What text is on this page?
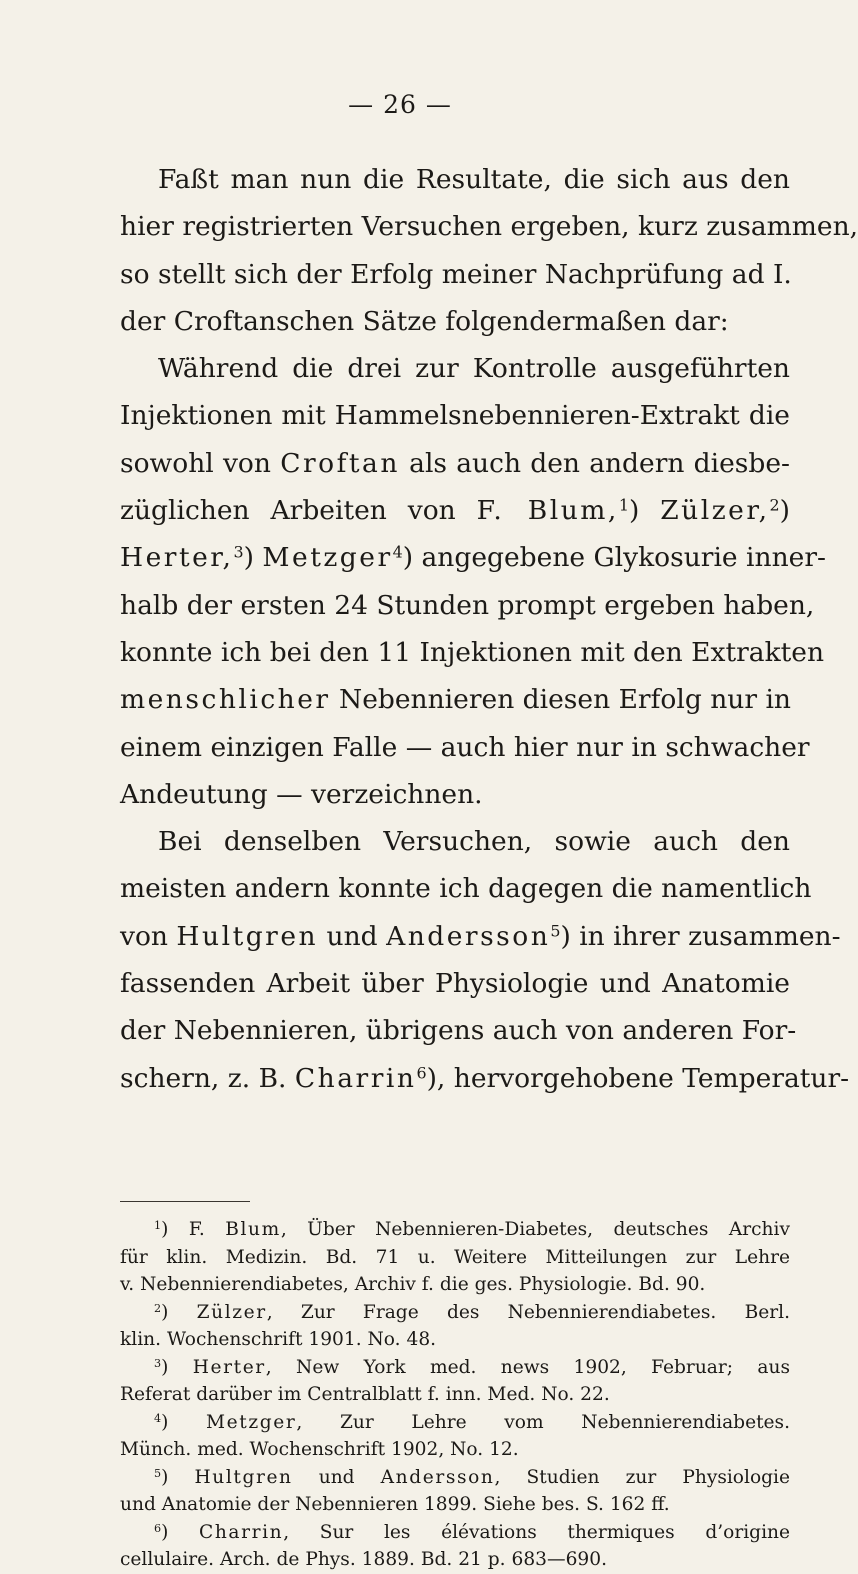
— 26 —
Faßt man nun die Resultate, die sich aus den
hier registrierten Versuchen ergeben, kurz zusammen,
so stellt sich der Erfolg meiner Nachprüfung ad I.
der Croftanschen Sätze folgendermaßen dar:
Während die drei zur Kontrolle ausgeführten
Injektionen mit Hammelsnebennieren-Extrakt die
sowohl von Croftan als auch den andern diesbe-
züglichen Arbeiten von F. Blum,$^1$) Zülzer,$^2$)
Herter,$^3$) Metzger$^4$) angegebene Glykosurie inner-
halb der ersten 24 Stunden prompt ergeben haben,
konnte ich bei den 11 Injektionen mit den Extrakten
menschlicher Nebennieren diesen Erfolg nur in
einem einzigen Falle — auch hier nur in schwacher
Andeutung — verzeichnen.
Bei denselben Versuchen, sowie auch den
meisten andern konnte ich dagegen die namentlich
von Hultgren und Andersson$^5$) in ihrer zusammen-
fassenden Arbeit über Physiologie und Anatomie
der Nebennieren, übrigens auch von anderen For-
schern, z. B. Charrin$^6$), hervorgehobene Temperatur-
$^1$) F. Blum, Über Nebennieren-Diabetes, deutsches Archiv
für klin. Medizin. Bd. 71 u. Weitere Mitteilungen zur Lehre
v. Nebennierendiabetes, Archiv f. die ges. Physiologie. Bd. 90.
$^2$) Zülzer, Zur Frage des Nebennierendiabetes. Berl.
klin. Wochenschrift 1901. No. 48.
$^3$) Herter, New York med. news 1902, Februar; aus
Referat darüber im Centralblatt f. inn. Med. No. 22.
$^4$) Metzger, Zur Lehre vom Nebennierendiabetes.
Münch. med. Wochenschrift 1902, No. 12.
$^5$) Hultgren und Andersson, Studien zur Physiologie
und Anatomie der Nebennieren 1899. Siehe bes. S. 162 ff.
$^6$) Charrin, Sur les élévations thermiques d’origine
cellulaire. Arch. de Phys. 1889. Bd. 21 p. 683—690.
